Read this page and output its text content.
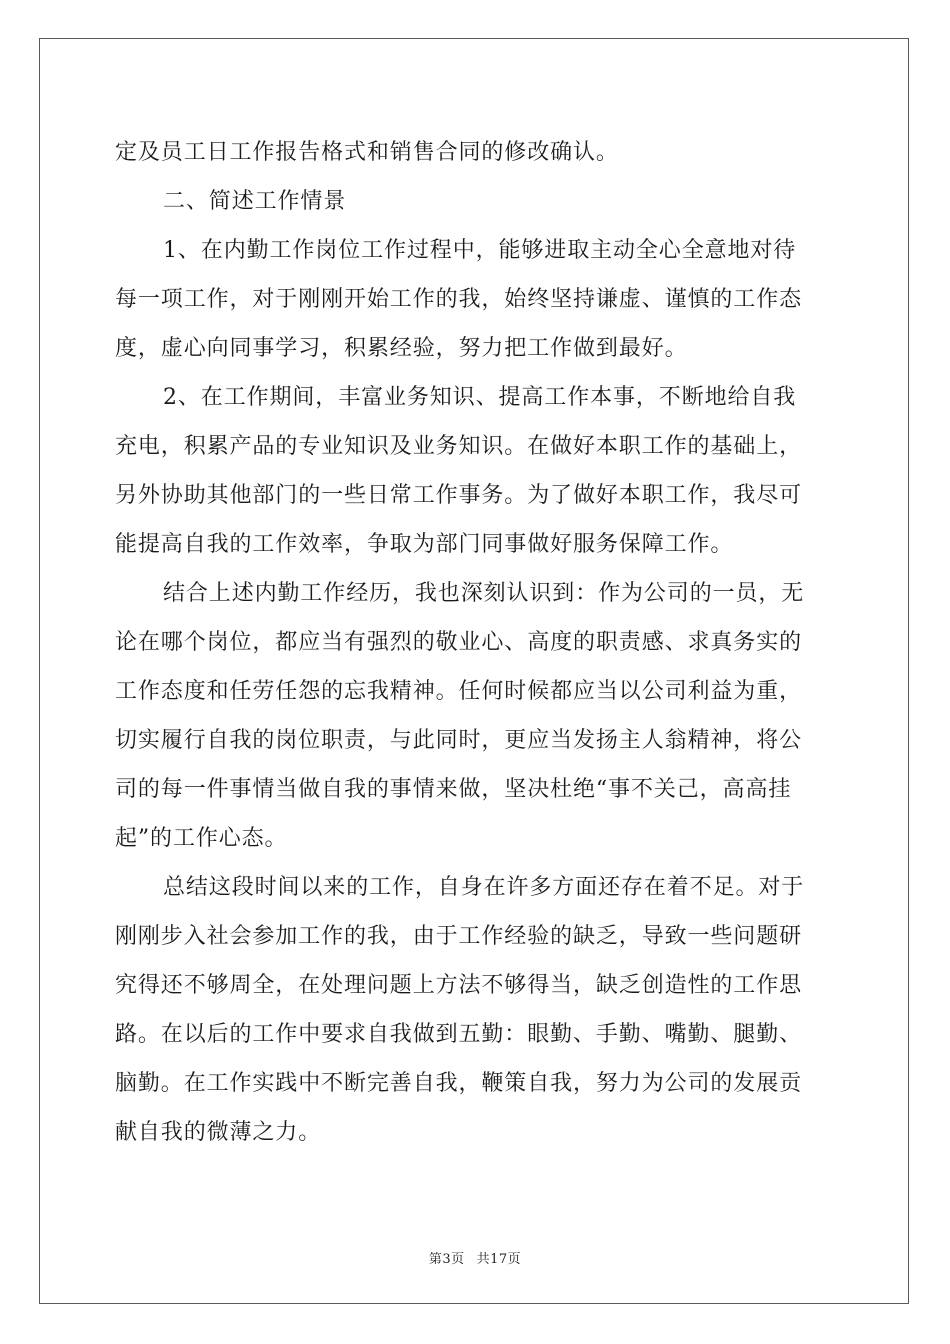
定及员工日工作报告格式和销售合同的修改确认。
二、简述工作情景
1、在内勤工作岗位工作过程中，能够进取主动全心全意地对待
每一项工作，对于刚刚开始工作的我，始终坚持谦虚、谨慎的工作态
度，虚心向同事学习，积累经验，努力把工作做到最好。
2、在工作期间，丰富业务知识、提高工作本事，不断地给自我
充电，积累产品的专业知识及业务知识。在做好本职工作的基础上，
另外协助其他部门的一些日常工作事务。为了做好本职工作，我尽可
能提高自我的工作效率，争取为部门同事做好服务保障工作。
结合上述内勤工作经历，我也深刻认识到：作为公司的一员，无
论在哪个岗位，都应当有强烈的敬业心、高度的职责感、求真务实的
工作态度和任劳任怨的忘我精神。任何时候都应当以公司利益为重，
切实履行自我的岗位职责，与此同时，更应当发扬主人翁精神，将公
司的每一件事情当做自我的事情来做，坚决杜绝“事不关己，高高挂
起”的工作心态。
总结这段时间以来的工作，自身在许多方面还存在着不足。对于
刚刚步入社会参加工作的我，由于工作经验的缺乏，导致一些问题研
究得还不够周全，在处理问题上方法不够得当，缺乏创造性的工作思
路。在以后的工作中要求自我做到五勤：眼勤、手勤、嘴勤、腿勤、
脑勤。在工作实践中不断完善自我，鞭策自我，努力为公司的发展贡
献自我的微薄之力。
第3页 共17页
